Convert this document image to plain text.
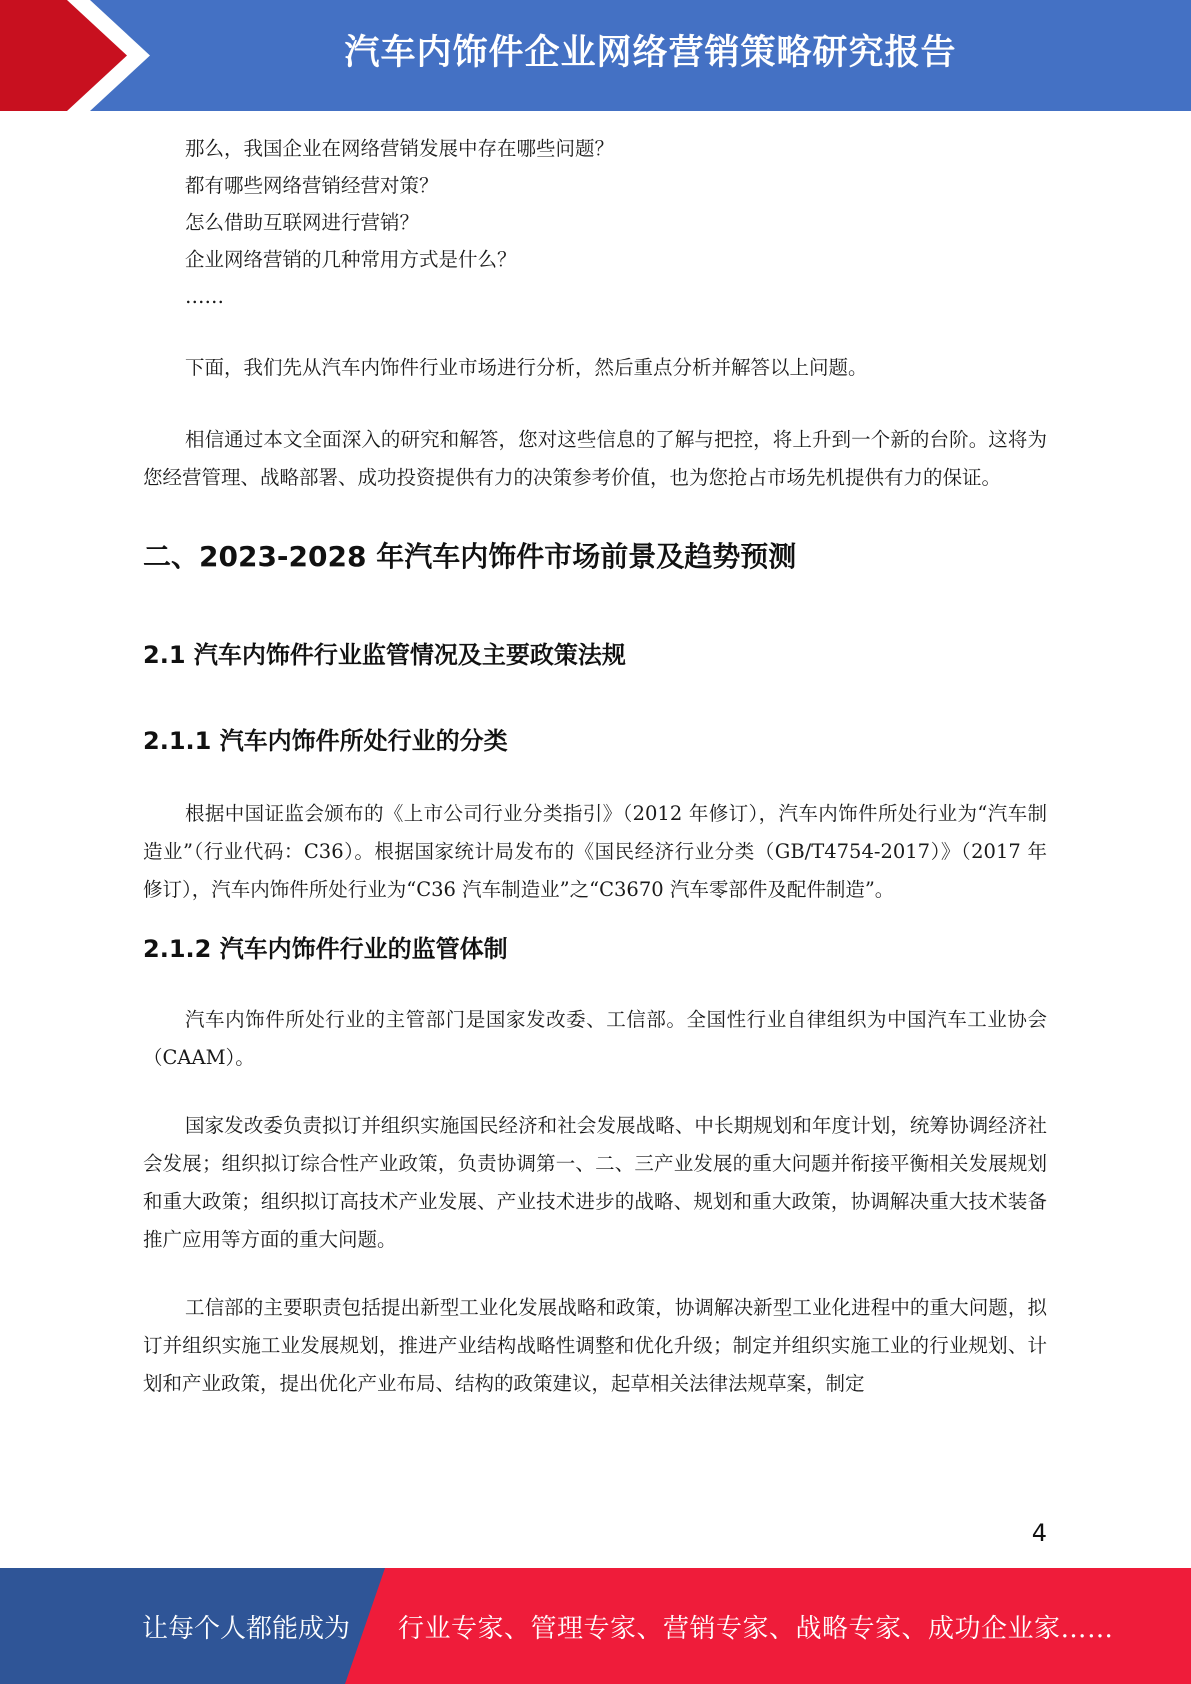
汽车内饰件企业网络营销策略研究报告

那么，我国企业在网络营销发展中存在哪些问题？

都有哪些网络营销经营对策？

怎么借助互联网进行营销？

企业网络营销的几种常用方式是什么？

……

下面，我们先从汽车内饰件行业市场进行分析，然后重点分析并解答以上问题。

相信通过本文全面深入的研究和解答，您对这些信息的了解与把控，将上升到一个新的台阶。这将为您经营管理、战略部署、成功投资提供有力的决策参考价值，也为您抢占市场先机提供有力的保证。

二、2023-2028 年汽车内饰件市场前景及趋势预测
2.1 汽车内饰件行业监管情况及主要政策法规
2.1.1 汽车内饰件所处行业的分类

根据中国证监会颁布的《上市公司行业分类指引》（2012 年修订），汽车内饰件所处行业为“汽车制造业”（行业代码：C36）。根据国家统计局发布的《国民经济行业分类（GB/T4754-2017）》（2017 年修订），汽车内饰件所处行业为“C36 汽车制造业”之“C3670 汽车零部件及配件制造”。

2.1.2 汽车内饰件行业的监管体制

汽车内饰件所处行业的主管部门是国家发改委、工信部。全国性行业自律组织为中国汽车工业协会（CAAM）。

国家发改委负责拟订并组织实施国民经济和社会发展战略、中长期规划和年度计划，统筹协调经济社会发展；组织拟订综合性产业政策，负责协调第一、二、三产业发展的重大问题并衔接平衡相关发展规划和重大政策；组织拟订高技术产业发展、产业技术进步的战略、规划和重大政策，协调解决重大技术装备推广应用等方面的重大问题。

工信部的主要职责包括提出新型工业化发展战略和政策，协调解决新型工业化进程中的重大问题，拟订并组织实施工业发展规划，推进产业结构战略性调整和优化升级；制定并组织实施工业的行业规划、计划和产业政策，提出优化产业布局、结构的政策建议，起草相关法律法规草案，制定

4
让每个人都能成为 行业专家、管理专家、营销专家、战略专家、成功企业家……
